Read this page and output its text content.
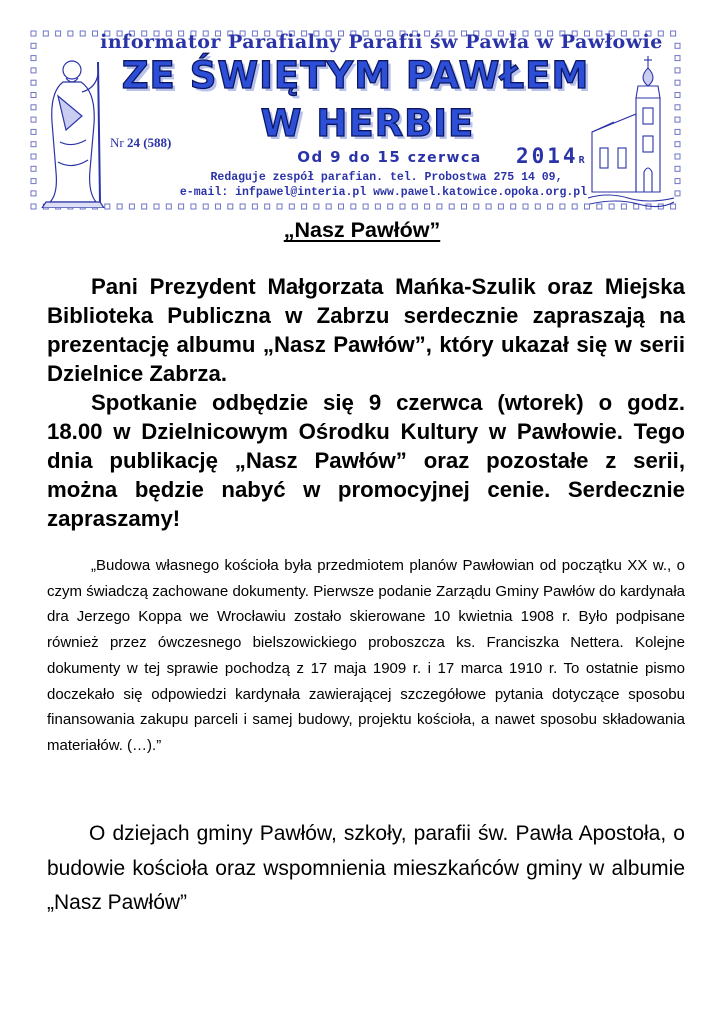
informator Parafialny Parafii św Pawła w Pawłowie
ZE ŚWIĘTYM PAWŁEM
W HERBIE
Nr 24 (588)
2014R
Od 9 do 15 czerwca
Redaguje zespół parafian. tel. Probostwa 275 14 09,
e-mail: infpawel@interia.pl www.pawel.katowice.opoka.org.pl
„Nasz Pawłów”

Pani Prezydent Małgorzata Mańka-Szulik oraz Miejska Biblioteka Publiczna w Zabrzu serdecznie zapraszają na prezentację albumu „Nasz Pawłów”, który ukazał się w serii Dzielnice Zabrza.

Spotkanie odbędzie się 9 czerwca (wtorek) o godz. 18.00 w Dzielnicowym Ośrodku Kultury w Pawłowie. Tego dnia publikację „Nasz Pawłów” oraz pozostałe z serii, można będzie nabyć w promocyjnej cenie. Serdecznie zapraszamy!

„Budowa własnego kościoła była przedmiotem planów Pawłowian od początku XX w., o czym świadczą zachowane dokumenty. Pierwsze podanie Zarządu Gminy Pawłów do kardynała dra Jerzego Koppa we Wrocławiu zostało skierowane 10 kwietnia 1908 r. Było podpisane również przez ówczesnego bielszowickiego proboszcza ks. Franciszka Nettera. Kolejne dokumenty w tej sprawie pochodzą z 17 maja 1909 r. i 17 marca 1910 r. To ostatnie pismo doczekało się odpowiedzi kardynała zawierającej szczegółowe pytania dotyczące sposobu finansowania zakupu parceli i samej budowy, projektu kościoła, a nawet sposobu składowania materiałów. (…).”

O dziejach gminy Pawłów, szkoły, parafii św. Pawła Apostoła, o budowie kościoła oraz wspomnienia mieszkańców gminy w albumie „Nasz Pawłów”
